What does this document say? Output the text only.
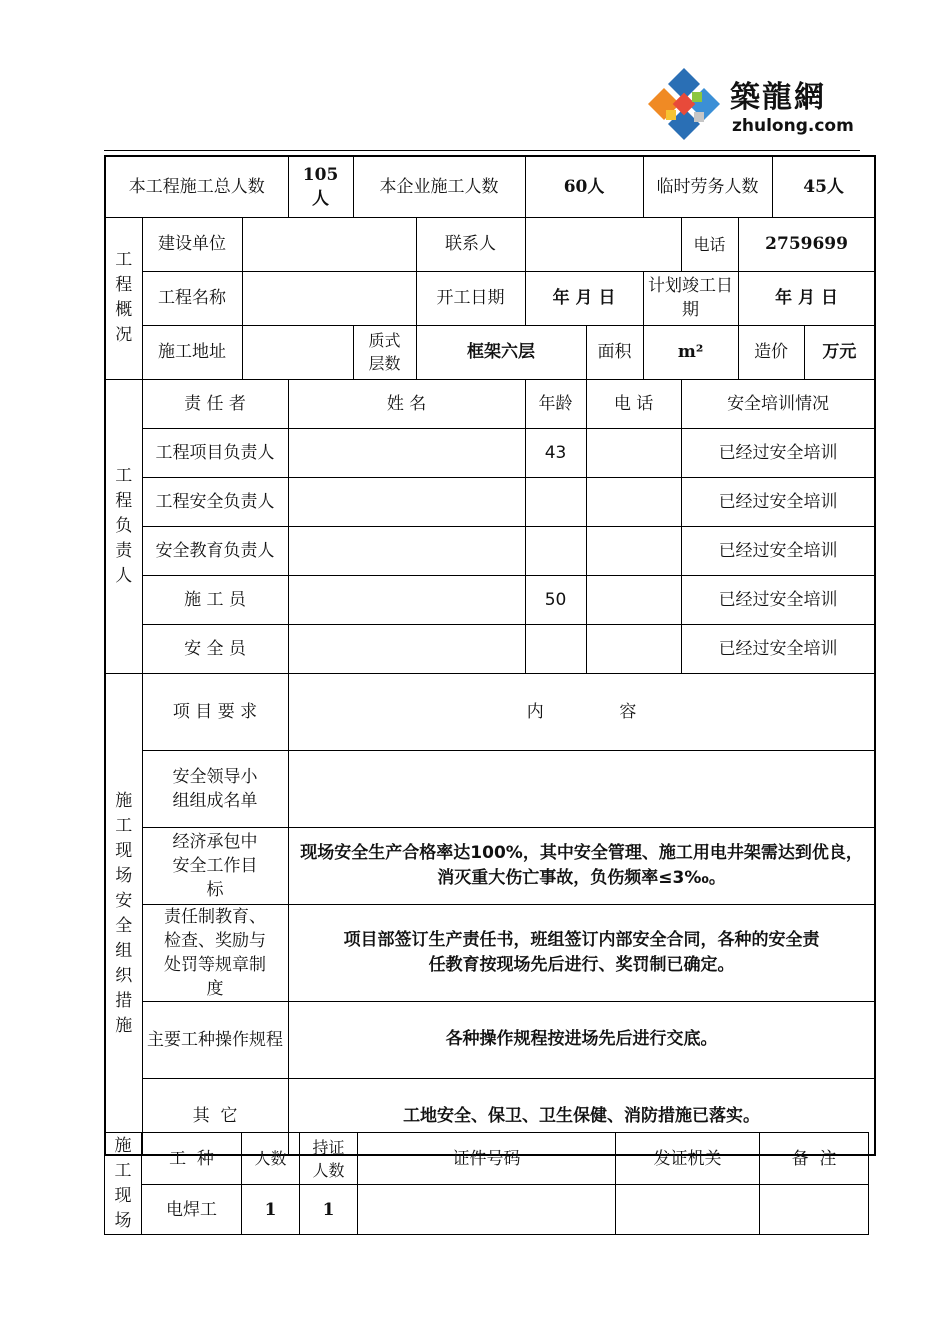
築龍網
zhulong.com
本工程施工总人数			105人	本企业施工人数		60人		临时劳务人数			45人	
工程概况	建设单位				联系人				电话	2759699		
	工程名称				开工日期	年 月 日		计划竣工日期		年 月 日		
	施工地址			质式层数	框架六层		面积	m²		造价		万元
工程负责人	责 任 者		姓 名			年龄	电 话		安全培训情况			
	工程项目负责人					43			已经过安全培训			
	工程安全负责人								已经过安全培训			
	安全教育负责人								已经过安全培训			
	施 工 员					50			已经过安全培训			
	安 全 员								已经过安全培训			
施工现场安全组织措施	项 目 要 求		内              容									
	安全领导小组组成名单											
	经济承包中安全工作目标		现场安全生产合格率达100%，其中安全管理、施工用电井架需达到优良，消灭重大伤亡事故，负伤频率≤3‰。									
	责任制教育、检查、奖励与处罚等规章制度		项目部签订生产责任书，班组签订内部安全合同，各种的安全责任教育按现场先后进行、奖罚制已确定。									
	主要工种操作规程		各种操作规程按进场先后进行交底。									
	其  它		工地安全、保卫、卫生保健、消防措施已落实。									
施工现场	工  种	人数	持证人数	证件号码	发证机关	备  注
	电焊工	1	1			
